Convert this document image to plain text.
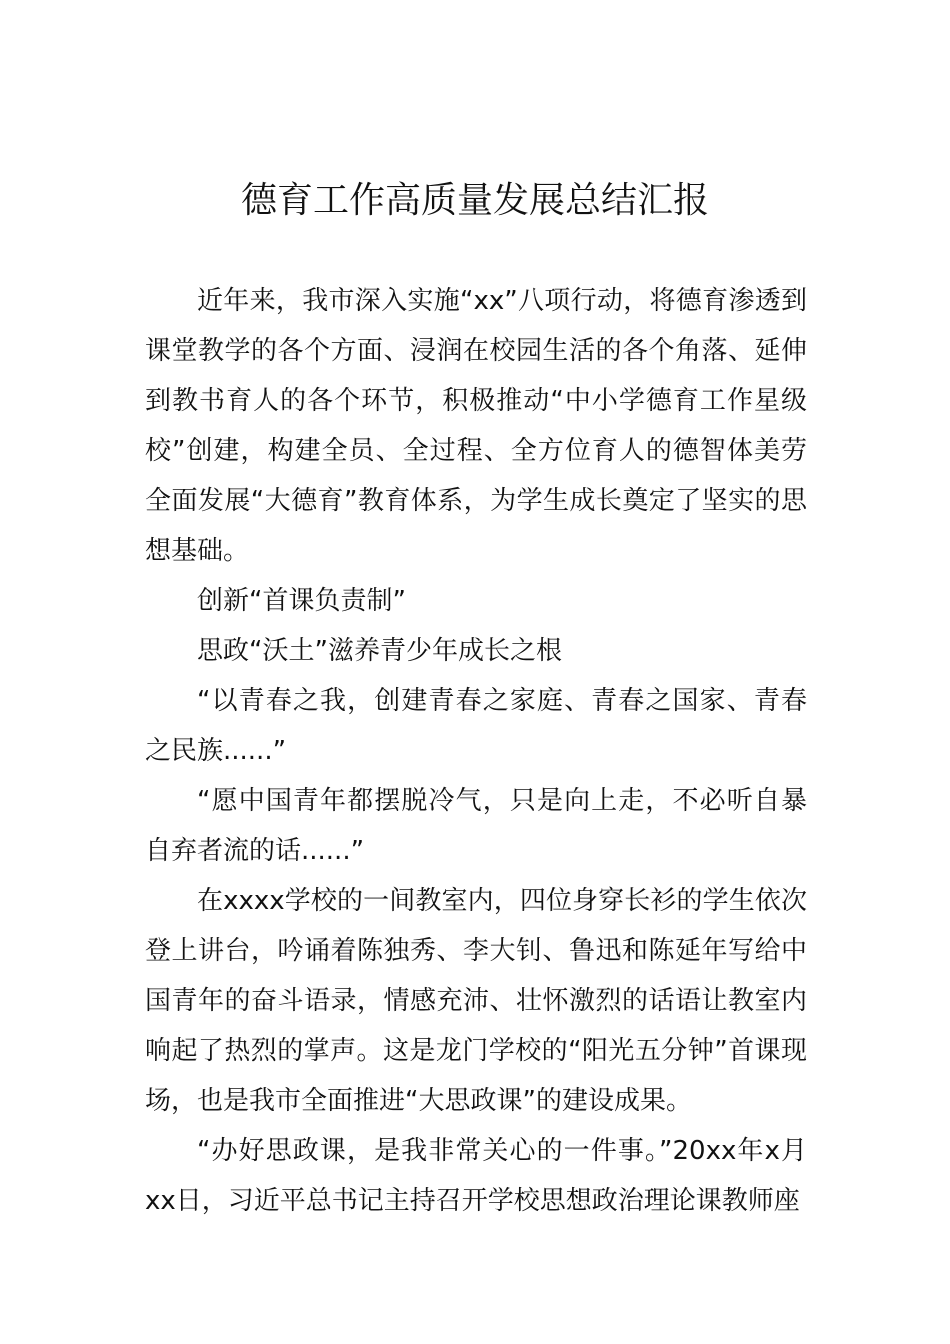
德育工作高质量发展总结汇报

近年来，我市深入实施“xx”八项行动，将德育渗透到课堂教学的各个方面、浸润在校园生活的各个角落、延伸到教书育人的各个环节，积极推动“中小学德育工作星级校”创建，构建全员、全过程、全方位育人的德智体美劳全面发展“大德育”教育体系，为学生成长奠定了坚实的思想基础。

创新“首课负责制”

思政“沃土”滋养青少年成长之根

“以青春之我，创建青春之家庭、青春之国家、青春之民族......”

“愿中国青年都摆脱冷气，只是向上走，不必听自暴自弃者流的话......”

在xxxx学校的一间教室内，四位身穿长衫的学生依次登上讲台，吟诵着陈独秀、李大钊、鲁迅和陈延年写给中国青年的奋斗语录，情感充沛、壮怀激烈的话语让教室内响起了热烈的掌声。这是龙门学校的“阳光五分钟”首课现场，也是我市全面推进“大思政课”的建设成果。

“办好思政课，是我非常关心的一件事。”20xx年x月xx日，习近平总书记主持召开学校思想政治理论课教师座
